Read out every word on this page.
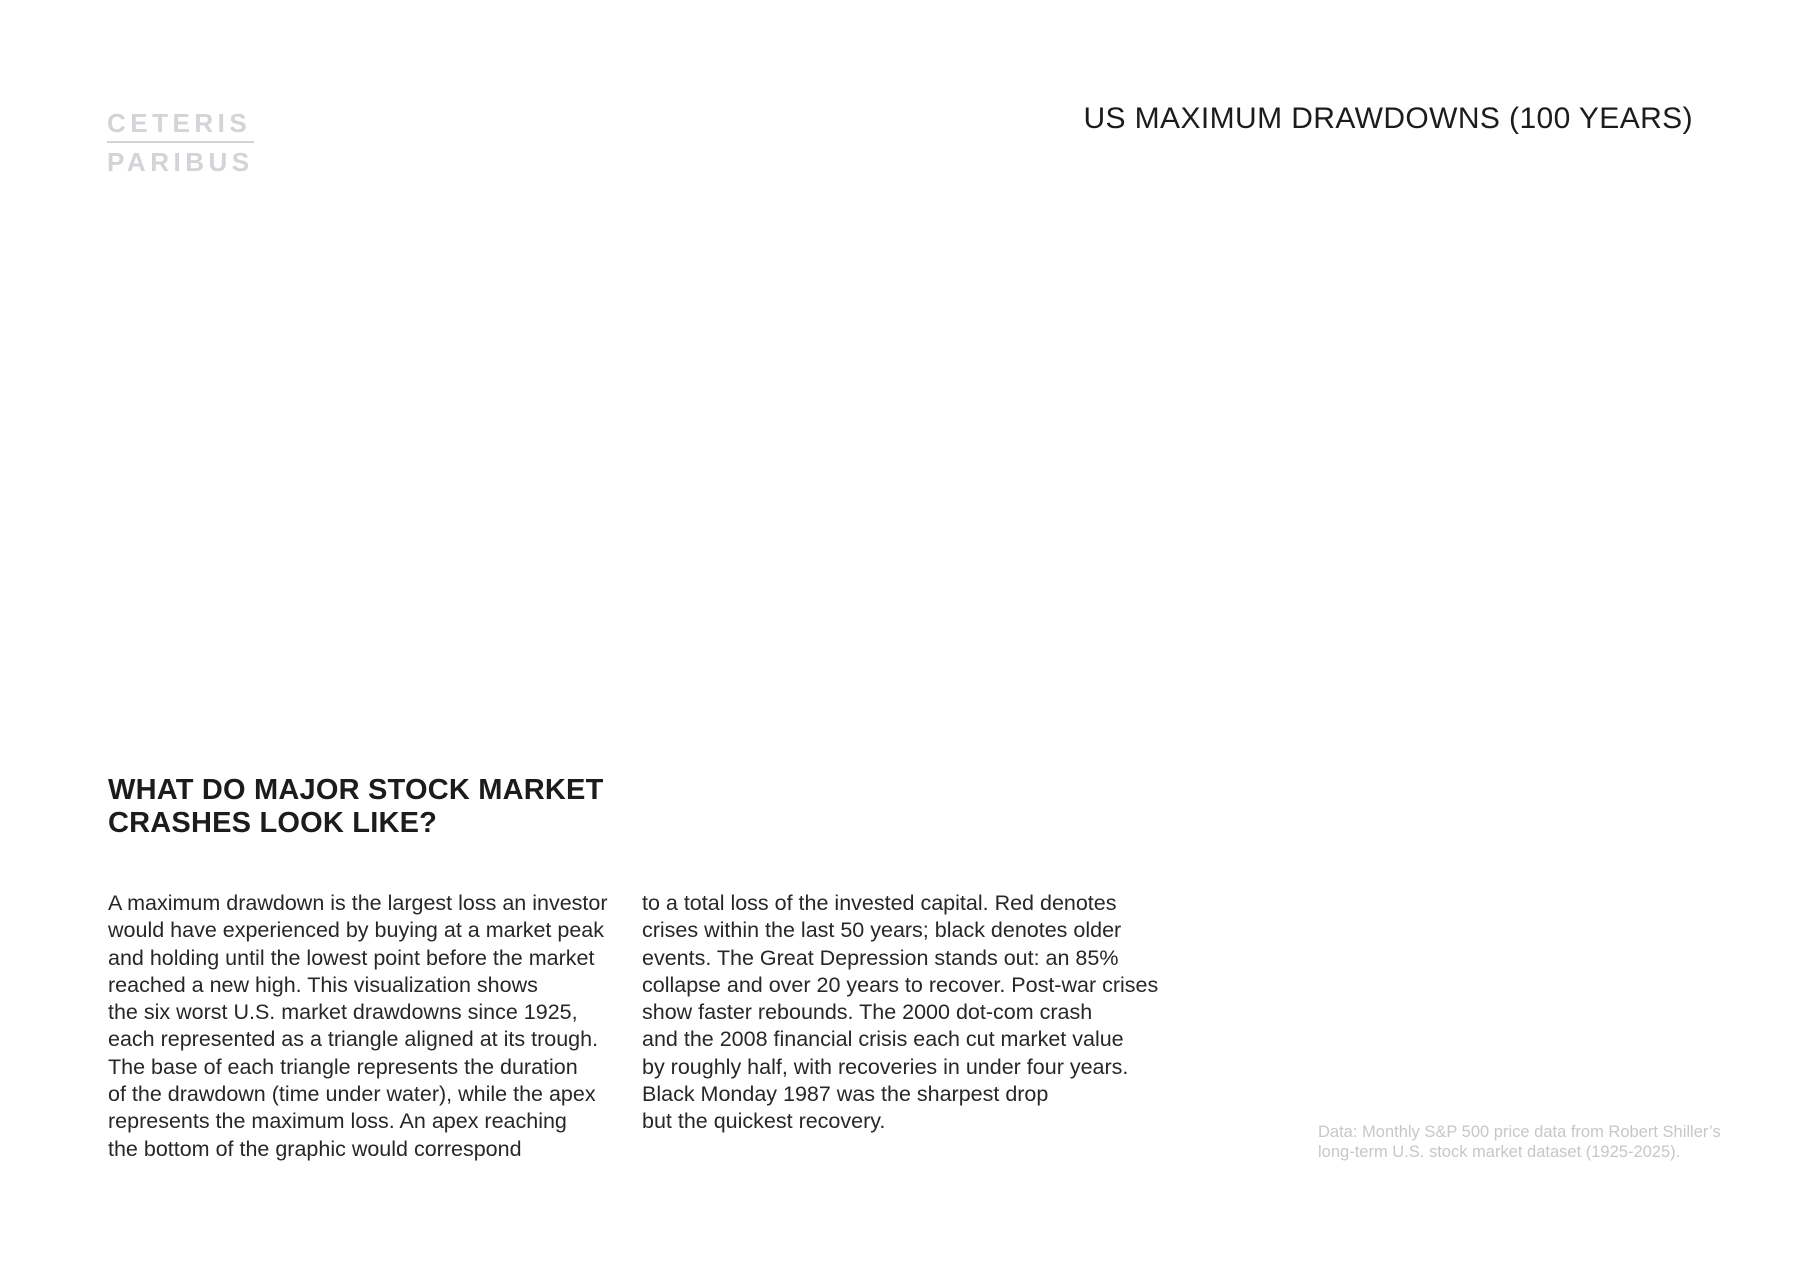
CETERIS
PARIBUS
US MAXIMUM DRAWDOWNS (100 YEARS)
WHAT DO MAJOR STOCK MARKET
CRASHES LOOK LIKE?
A maximum drawdown is the largest loss an investor
would have experienced by buying at a market peak
and holding until the lowest point before the market
reached a new high. This visualization shows
the six worst U.S. market drawdowns since 1925,
each represented as a triangle aligned at its trough.
The base of each triangle represents the duration
of the drawdown (time under water), while the apex
represents the maximum loss. An apex reaching
the bottom of the graphic would correspond
to a total loss of the invested capital. Red denotes
crises within the last 50 years; black denotes older
events. The Great Depression stands out: an 85%
collapse and over 20 years to recover. Post-war crises
show faster rebounds. The 2000 dot-com crash
and the 2008 financial crisis each cut market value
by roughly half, with recoveries in under four years.
Black Monday 1987 was the sharpest drop
but the quickest recovery.	Data: Monthly S&P 500 price data from Robert Shiller’s
long-term U.S. stock market dataset (1925-2025).
